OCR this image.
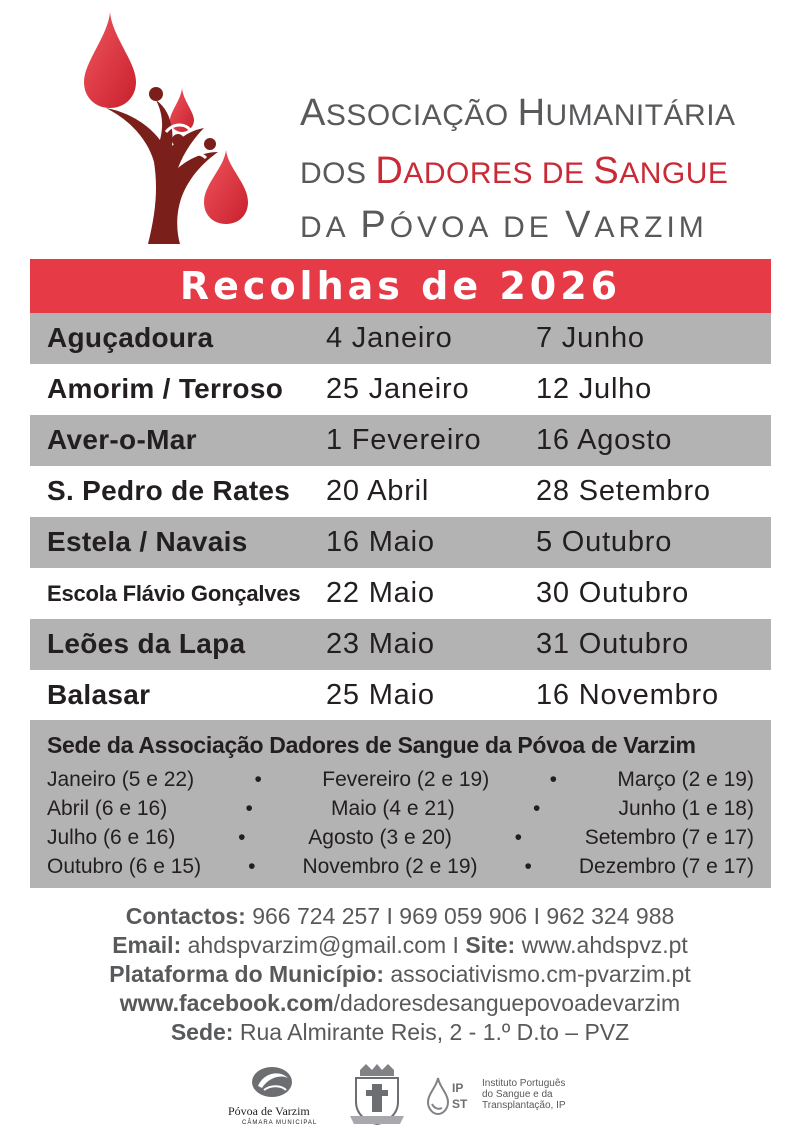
ASSOCIAÇÃO HUMANITÁRIA
DOS DADORES DE SANGUE
DA PÓVOA DE VARZIM
Recolhas de 2026
Aguçadoura	4 Janeiro	7 Junho
Amorim / Terroso 25 Janeiro 12 Julho
Aver-o-Mar	1 Fevereiro 16 Agosto
S. Pedro de Rates 20 Abril	28 Setembro
Estela / Navais	16 Maio	5 Outubro
Escola Flávio Gonçalves 22 Maio	30 Outubro
Leões da Lapa	23 Maio	31 Outubro
Balasar	25 Maio	16 Novembro
Sede da Associação Dadores de Sangue da Póvoa de Varzim
Janeiro (5 e 22)	•	Fevereiro (2 e 19)	•	Março (2 e 19)
Abril (6 e 16)	•	Maio (4 e 21)	•	Junho (1 e 18)
Julho (6 e 16)	•	Agosto (3 e 20)	•	Setembro (7 e 17)
Outubro (6 e 15) • Novembro (2 e 19) • Dezembro (7 e 17)
Contactos: 966 724 257 I 969 059 906 I 962 324 988
Email: ahdspvarzim@gmail.com I Site: www.ahdspvz.pt
Plataforma do Município: associativismo.cm-pvarzim.pt
www.facebook.com/dadoresdesanguepovoadevarzim
Sede: Rua Almirante Reis, 2 - 1.º D.to – PVZ
Póvoa de Varzim
CÂMARA MUNICIPAL
IP
ST
Instituto Português
do Sangue e da
Transplantação, IP
